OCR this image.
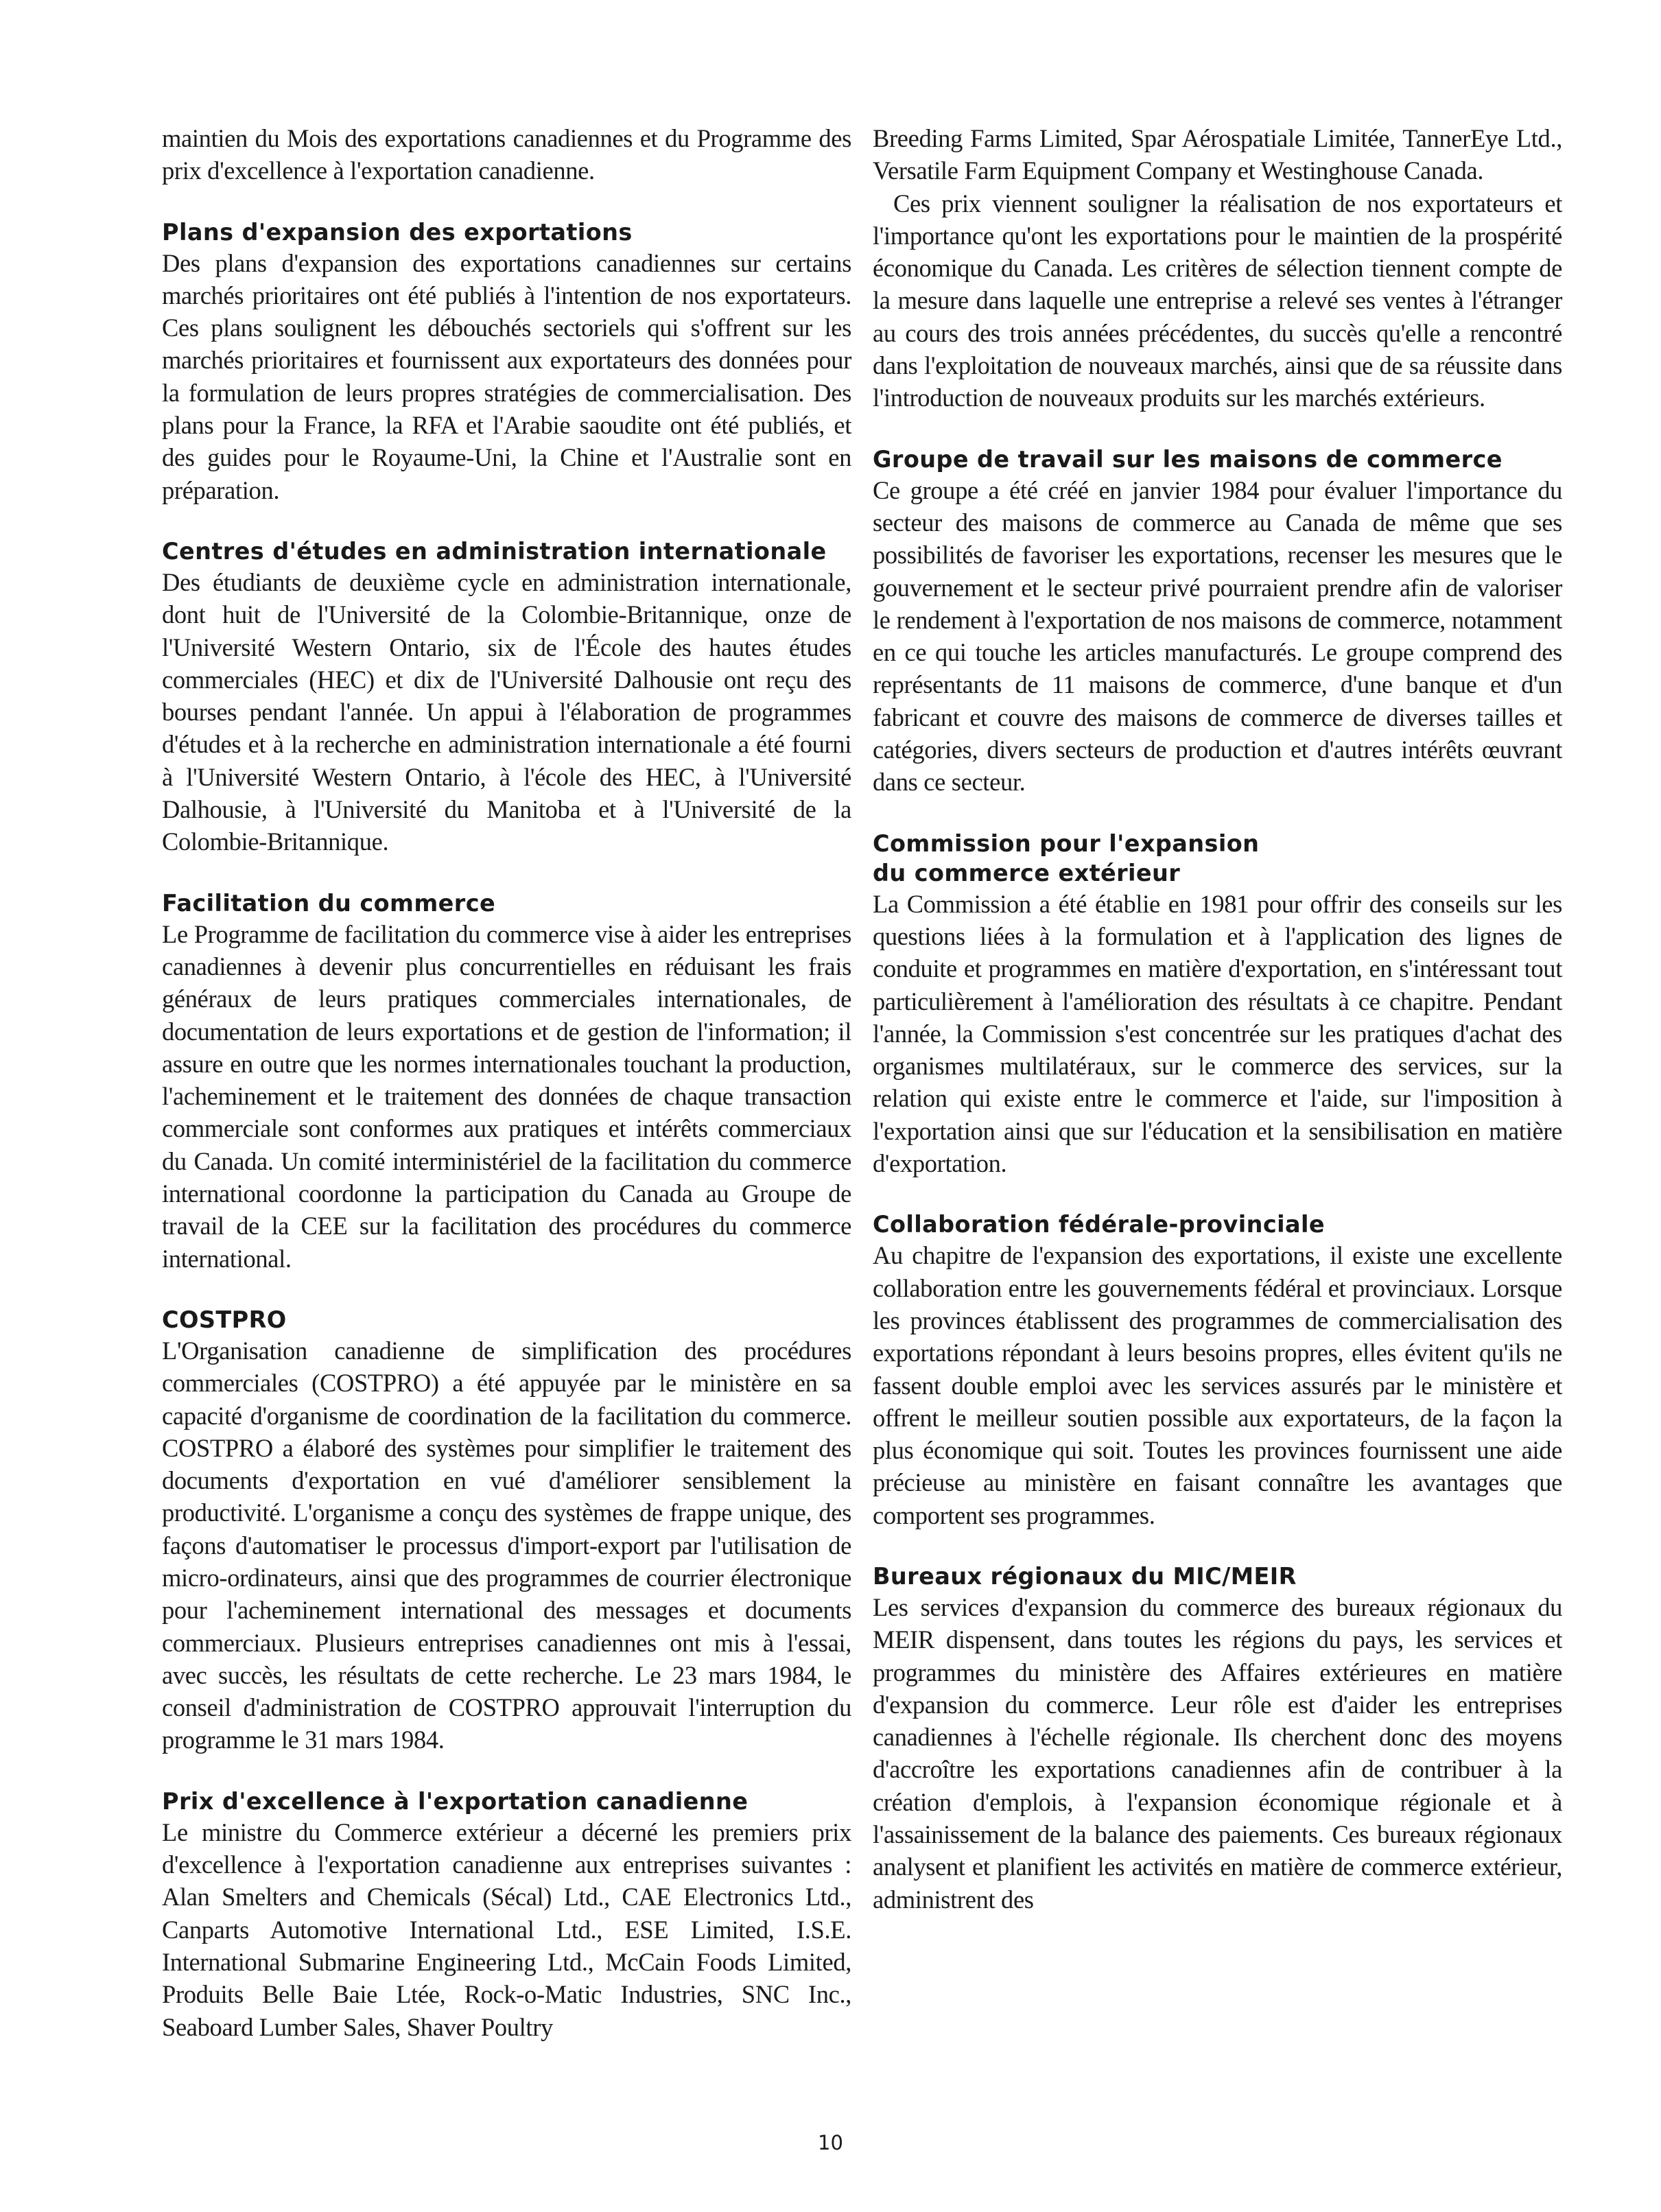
maintien du Mois des exportations canadiennes et du Programme des prix d'excellence à l'exportation canadienne.

Plans d'expansion des exportations

Des plans d'expansion des exportations canadiennes sur certains marchés prioritaires ont été publiés à l'intention de nos exportateurs. Ces plans soulignent les débouchés sectoriels qui s'offrent sur les marchés prioritaires et fournissent aux exportateurs des données pour la formulation de leurs propres stratégies de commercialisation. Des plans pour la France, la RFA et l'Arabie saoudite ont été publiés, et des guides pour le Royaume-Uni, la Chine et l'Australie sont en préparation.

Centres d'études en administration internationale

Des étudiants de deuxième cycle en administration internationale, dont huit de l'Université de la Colombie-Britannique, onze de l'Université Western Ontario, six de l'École des hautes études commerciales (HEC) et dix de l'Université Dalhousie ont reçu des bourses pendant l'année. Un appui à l'élaboration de programmes d'études et à la recherche en administration internationale a été fourni à l'Université Western Ontario, à l'école des HEC, à l'Université Dalhousie, à l'Université du Manitoba et à l'Université de la Colombie-Britannique.

Facilitation du commerce

Le Programme de facilitation du commerce vise à aider les entreprises canadiennes à devenir plus concurrentielles en réduisant les frais généraux de leurs pratiques commerciales internationales, de documentation de leurs exportations et de gestion de l'information; il assure en outre que les normes internationales touchant la production, l'acheminement et le traitement des données de chaque transaction commerciale sont conformes aux pratiques et intérêts commerciaux du Canada. Un comité interministériel de la facilitation du commerce international coordonne la participation du Canada au Groupe de travail de la CEE sur la facilitation des procédures du commerce international.

COSTPRO

L'Organisation canadienne de simplification des procédures commerciales (COSTPRO) a été appuyée par le ministère en sa capacité d'organisme de coordination de la facilitation du commerce. COSTPRO a élaboré des systèmes pour simplifier le traitement des documents d'exportation en vué d'améliorer sensiblement la productivité. L'organisme a conçu des systèmes de frappe unique, des façons d'automatiser le processus d'import-export par l'utilisation de micro-ordinateurs, ainsi que des programmes de courrier électronique pour l'acheminement international des messages et documents commerciaux. Plusieurs entreprises canadiennes ont mis à l'essai, avec succès, les résultats de cette recherche. Le 23 mars 1984, le conseil d'administration de COSTPRO approuvait l'interruption du programme le 31 mars 1984.

Prix d'excellence à l'exportation canadienne

Le ministre du Commerce extérieur a décerné les premiers prix d'excellence à l'exportation canadienne aux entreprises suivantes : Alan Smelters and Chemicals (Sécal) Ltd., CAE Electronics Ltd., Canparts Automotive International Ltd., ESE Limited, I.S.E. International Submarine Engineering Ltd., McCain Foods Limited, Produits Belle Baie Ltée, Rock-o-Matic Industries, SNC Inc., Seaboard Lumber Sales, Shaver Poultry

Breeding Farms Limited, Spar Aérospatiale Limitée, TannerEye Ltd., Versatile Farm Equipment Company et Westinghouse Canada.

Ces prix viennent souligner la réalisation de nos exportateurs et l'importance qu'ont les exportations pour le maintien de la prospérité économique du Canada. Les critères de sélection tiennent compte de la mesure dans laquelle une entreprise a relevé ses ventes à l'étranger au cours des trois années précédentes, du succès qu'elle a rencontré dans l'exploitation de nouveaux marchés, ainsi que de sa réussite dans l'introduction de nouveaux produits sur les marchés extérieurs.

Groupe de travail sur les maisons de commerce

Ce groupe a été créé en janvier 1984 pour évaluer l'importance du secteur des maisons de commerce au Canada de même que ses possibilités de favoriser les exportations, recenser les mesures que le gouvernement et le secteur privé pourraient prendre afin de valoriser le rendement à l'exportation de nos maisons de commerce, notamment en ce qui touche les articles manufacturés. Le groupe comprend des représentants de 11 maisons de commerce, d'une banque et d'un fabricant et couvre des maisons de commerce de diverses tailles et catégories, divers secteurs de production et d'autres intérêts œuvrant dans ce secteur.

Commission pour l'expansion
du commerce extérieur

La Commission a été établie en 1981 pour offrir des conseils sur les questions liées à la formulation et à l'application des lignes de conduite et programmes en matière d'exportation, en s'intéressant tout particulièrement à l'amélioration des résultats à ce chapitre. Pendant l'année, la Commission s'est concentrée sur les pratiques d'achat des organismes multilatéraux, sur le commerce des services, sur la relation qui existe entre le commerce et l'aide, sur l'imposition à l'exportation ainsi que sur l'éducation et la sensibilisation en matière d'exportation.

Collaboration fédérale-provinciale

Au chapitre de l'expansion des exportations, il existe une excellente collaboration entre les gouvernements fédéral et provinciaux. Lorsque les provinces établissent des programmes de commercialisation des exportations répondant à leurs besoins propres, elles évitent qu'ils ne fassent double emploi avec les services assurés par le ministère et offrent le meilleur soutien possible aux exportateurs, de la façon la plus économique qui soit. Toutes les provinces fournissent une aide précieuse au ministère en faisant connaître les avantages que comportent ses programmes.

Bureaux régionaux du MIC/MEIR

Les services d'expansion du commerce des bureaux régionaux du MEIR dispensent, dans toutes les régions du pays, les services et programmes du ministère des Affaires extérieures en matière d'expansion du commerce. Leur rôle est d'aider les entreprises canadiennes à l'échelle régionale. Ils cherchent donc des moyens d'accroître les exportations canadiennes afin de contribuer à la création d'emplois, à l'expansion économique régionale et à l'assainissement de la balance des paiements. Ces bureaux régionaux analysent et planifient les activités en matière de commerce extérieur, administrent des

10
